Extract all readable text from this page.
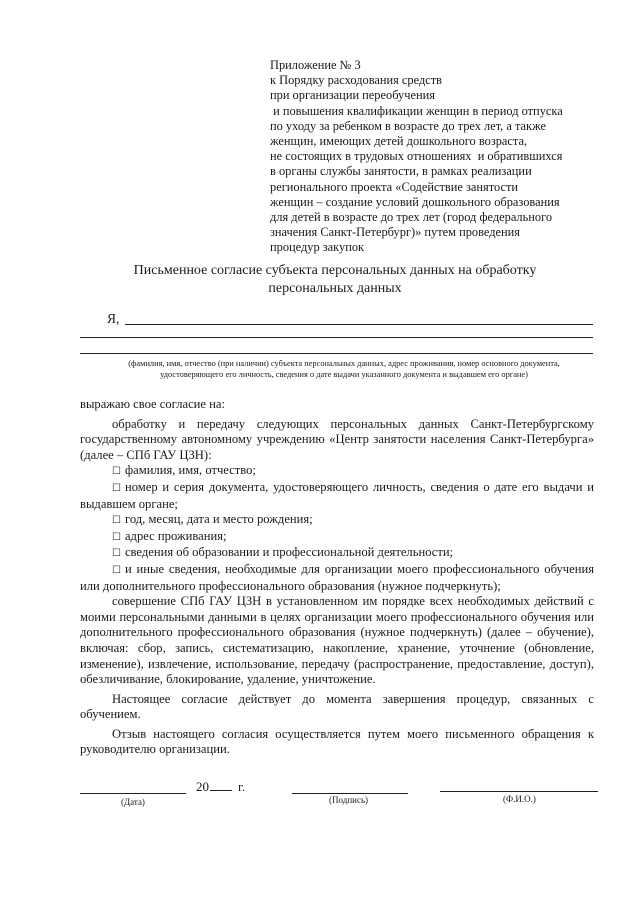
Приложение № 3
к Порядку расходования средств
при организации переобучения
и повышения квалификации женщин в период отпуска
по уходу за ребенком в возрасте до трех лет, а также
женщин, имеющих детей дошкольного возраста,
не состоящих в трудовых отношениях  и обратившихся
в органы службы занятости, в рамках реализации
регионального проекта «Содействие занятости
женщин – создание условий дошкольного образования
для детей в возрасте до трех лет (город федерального
значения Санкт-Петербург)» путем проведения
процедур закупок
Письменное согласие субъекта персональных данных на обработку
персональных данных
Я,
(фамилия, имя, отчество (при наличии) субъекта персональных данных, адрес проживания, номер основного документа,
удостоверяющего его личность, сведения о дате выдачи указанного документа и выдавшем его органе)

выражаю свое согласие на:

обработку и передачу следующих персональных данных Санкт-Петербургскому государственному автономному учреждению «Центр занятости населения Санкт-Петербурга» (далее – СПб ГАУ ЦЗН):

☐ фамилия, имя, отчество;

☐ номер и серия документа, удостоверяющего личность, сведения о дате его выдачи и выдавшем органе;

☐ год, месяц, дата и место рождения;

☐ адрес проживания;

☐ сведения об образовании и профессиональной деятельности;

☐ и иные сведения, необходимые для организации моего профессионального обучения или дополнительного профессионального образования (нужное подчеркнуть);

совершение СПб ГАУ ЦЗН в установленном им порядке всех необходимых действий с моими персональными данными в целях организации моего профессионального обучения или дополнительного профессионального образования (нужное подчеркнуть) (далее – обучение), включая: сбор, запись, систематизацию, накопление, хранение, уточнение (обновление, изменение), извлечение, использование, передачу (распространение, предоставление, доступ), обезличивание, блокирование, удаление, уничтожение.

Настоящее согласие действует до момента завершения процедур, связанных с обучением.

Отзыв настоящего согласия осуществляется путем моего письменного обращения к руководителю организации.

20 г.
(Дата)	(Подпись)	(Ф.И.О.)
